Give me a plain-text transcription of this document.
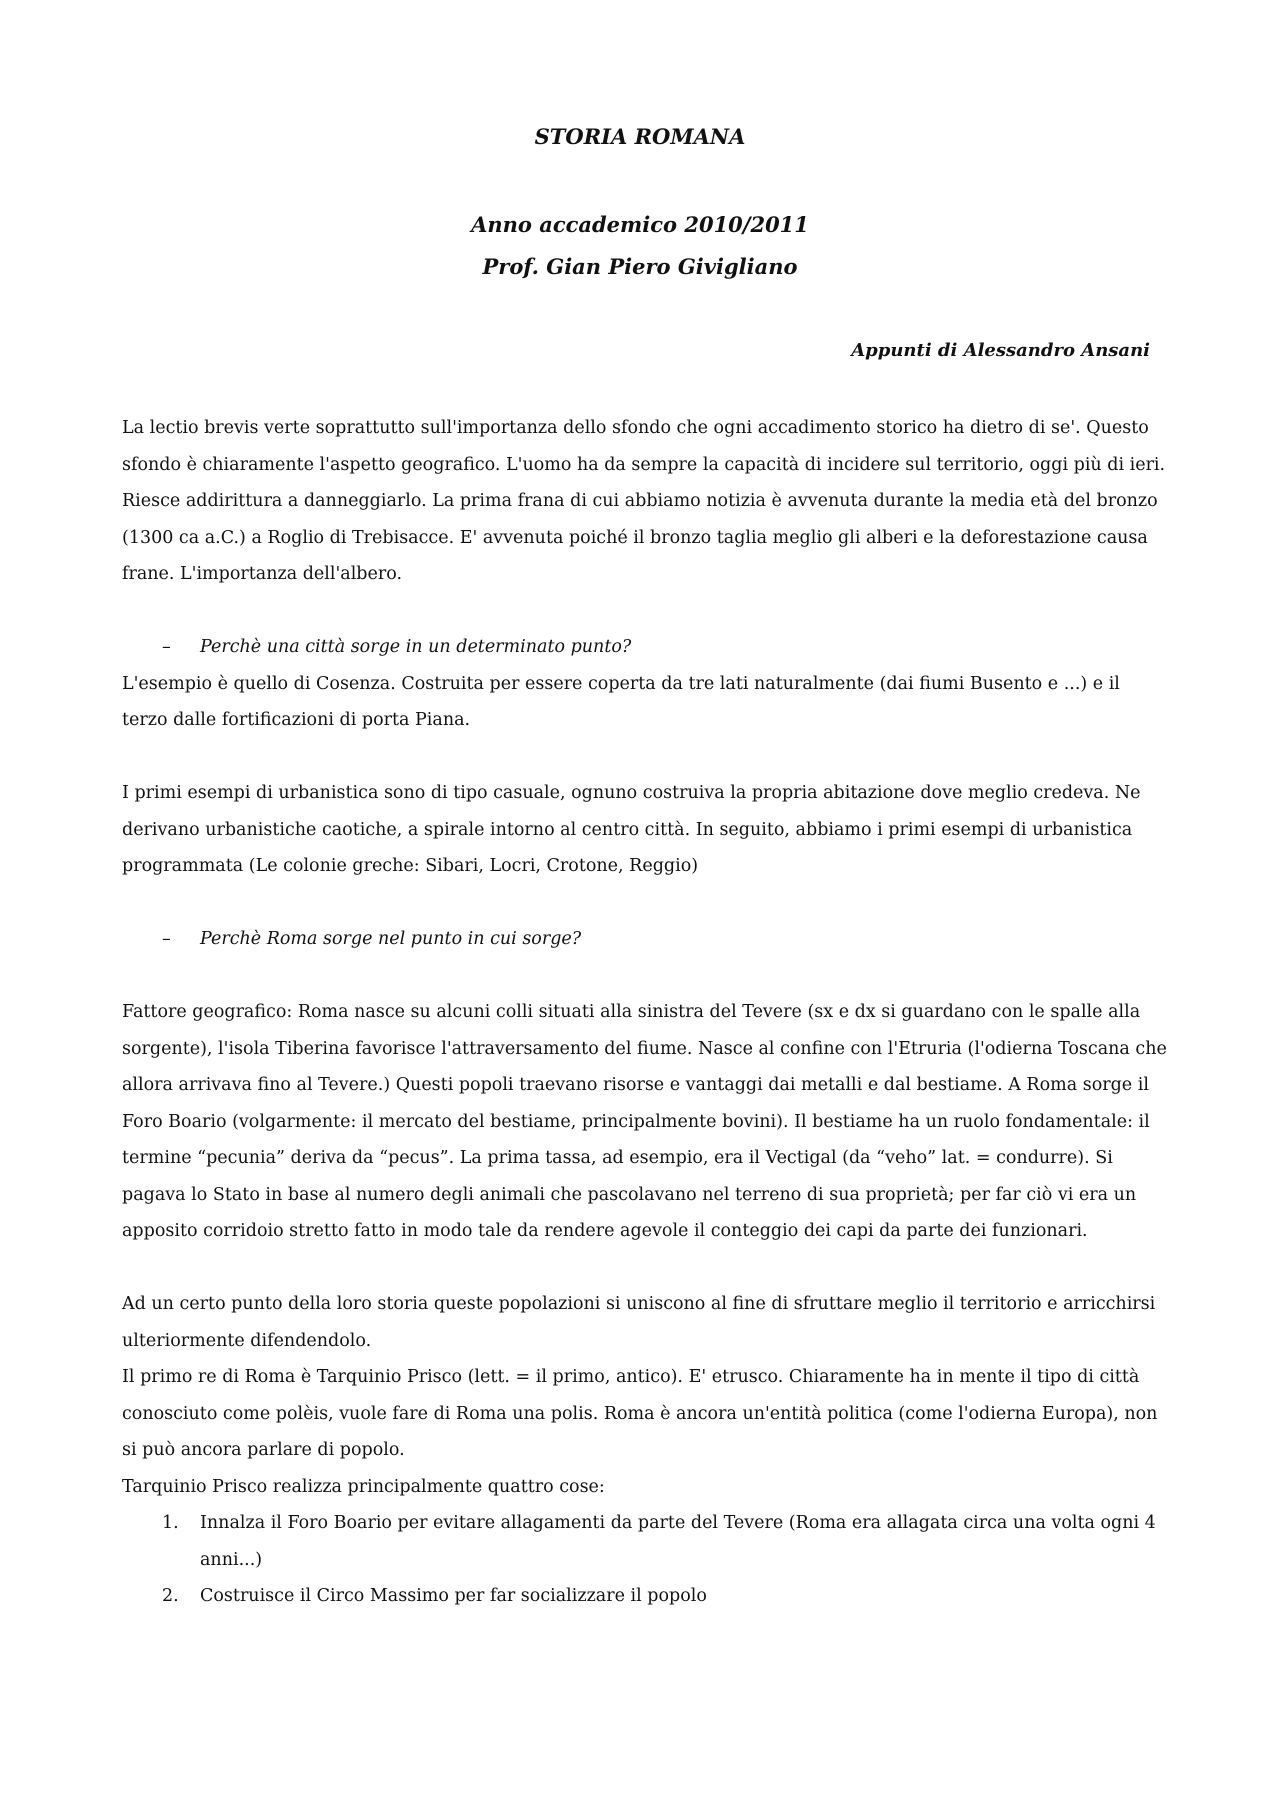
STORIA ROMANA
Anno accademico 2010/2011
Prof. Gian Piero Givigliano
Appunti di Alessandro Ansani

La lectio brevis verte soprattutto sull'importanza dello sfondo che ogni accadimento storico ha dietro di se'. Questo sfondo è chiaramente l'aspetto geografico. L'uomo ha da sempre la capacità di incidere sul territorio, oggi più di ieri. Riesce addirittura a danneggiarlo. La prima frana di cui abbiamo notizia è avvenuta durante la media età del bronzo (1300 ca a.C.) a Roglio di Trebisacce. E' avvenuta poiché il bronzo taglia meglio gli alberi e la deforestazione causa frane. L'importanza dell'albero.

– Perchè una città sorge in un determinato punto?

L'esempio è quello di Cosenza. Costruita per essere coperta da tre lati naturalmente (dai fiumi Busento e ...) e il terzo dalle fortificazioni di porta Piana.

I primi esempi di urbanistica sono di tipo casuale, ognuno costruiva la propria abitazione dove meglio credeva. Ne derivano urbanistiche caotiche, a spirale intorno al centro città. In seguito, abbiamo i primi esempi di urbanistica programmata (Le colonie greche: Sibari, Locri, Crotone, Reggio)

– Perchè Roma sorge nel punto in cui sorge?

Fattore geografico: Roma nasce su alcuni colli situati alla sinistra del Tevere (sx e dx si guardano con le spalle alla sorgente), l'isola Tiberina favorisce l'attraversamento del fiume. Nasce al confine con l'Etruria (l'odierna Toscana che allora arrivava fino al Tevere.) Questi popoli traevano risorse e vantaggi dai metalli e dal bestiame. A Roma sorge il Foro Boario (volgarmente: il mercato del bestiame, principalmente bovini). Il bestiame ha un ruolo fondamentale: il termine “pecunia” deriva da “pecus”. La prima tassa, ad esempio, era il Vectigal (da “veho” lat. = condurre). Si pagava lo Stato in base al numero degli animali che pascolavano nel terreno di sua proprietà; per far ciò vi era un apposito corridoio stretto fatto in modo tale da rendere agevole il conteggio dei capi da parte dei funzionari.

Ad un certo punto della loro storia queste popolazioni si uniscono al fine di sfruttare meglio il territorio e arricchirsi ulteriormente difendendolo.

Il primo re di Roma è Tarquinio Prisco (lett. = il primo, antico). E' etrusco. Chiaramente ha in mente il tipo di città conosciuto come polèis, vuole fare di Roma una polis. Roma è ancora un'entità politica (come l'odierna Europa), non si può ancora parlare di popolo.

Tarquinio Prisco realizza principalmente quattro cose:

1. Innalza il Foro Boario per evitare allagamenti da parte del Tevere (Roma era allagata circa una volta ogni 4 anni...)

2. Costruisce il Circo Massimo per far socializzare il popolo
